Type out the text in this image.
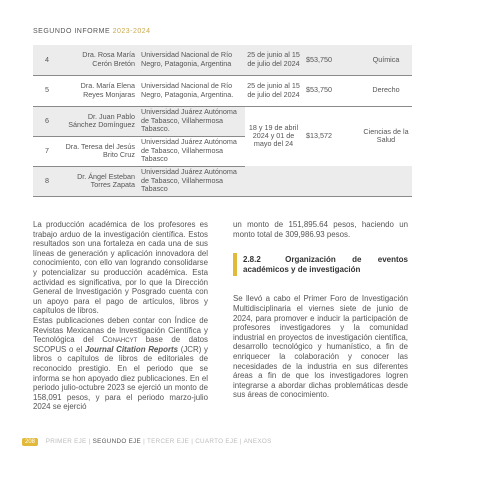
SEGUNDO INFORME 2023-2024
4	Dra. Rosa María Cerón Bretón	Universidad Nacional de Río Negro, Patagonia, Argentina	25 de junio al 15 de julio del 2024	$53,750	Química
5	Dra. María Elena Reyes Monjaras	Universidad Nacional de Río Negro, Patagonia, Argentina.	25 de junio al 15 de julio del 2024	$53,750	Derecho
6	Dr. Juan Pablo Sánchez Domínguez	Universidad Juárez Autónoma de Tabasco, Villahermosa Tabasco.	18 y 19 de abril 2024 y 01 de mayo del 24	$13,572	Ciencias de la Salud
7	Dra. Teresa del Jesús Brito Cruz	Universidad Juárez Autónoma de Tabasco, Villahermosa Tabasco			
8	Dr. Ángel Esteban Torres Zapata	Universidad Juárez Autónoma de Tabasco, Villahermosa Tabasco			

La producción académica de los profesores es trabajo arduo de la investigación científica. Estos resultados son una fortaleza en cada una de sus líneas de generación y aplicación innovadora del conocimiento, con ello van logrando consolidarse y potencializar su producción académica. Esta actividad es significativa, por lo que la Dirección General de Investigación y Posgrado cuenta con un apoyo para el pago de artículos, libros y capítulos de libros.

Estas publicaciones deben contar con Índice de Revistas Mexicanas de Investigación Científica y Tecnológica del Conahcyt base de datos SCOPUS o el Journal Citation Reports (JCR) y libros o capítulos de libros de editoriales de reconocido prestigio. En el periodo que se informa se hon apoyado diez publicaciones. En el periodo julio-octubre 2023 se ejerció un monto de 158,091 pesos, y para el periodo marzo-julio 2024 se ejerció

un monto de 151,895.64 pesos, haciendo un monto total de 309,986.93 pesos.

2.8.2	Organización de eventos académicos y de investigación

Se llevó a cabo el Primer Foro de Investigación Multidisciplinaria el viernes siete de junio de 2024, para promover e inducir la participación de profesores investigadores y la comunidad industrial en proyectos de investigación científica, desarrollo tecnológico y humanístico, a fin de enriquecer la colaboración y conocer las necesidades de la industria en sus diferentes áreas a fin de que los investigadores logren integrarse a abordar dichas problemáticas desde sus áreas de conocimiento.

208 PRIMER EJE | SEGUNDO EJE | TERCER EJE | CUARTO EJE | ANEXOS
